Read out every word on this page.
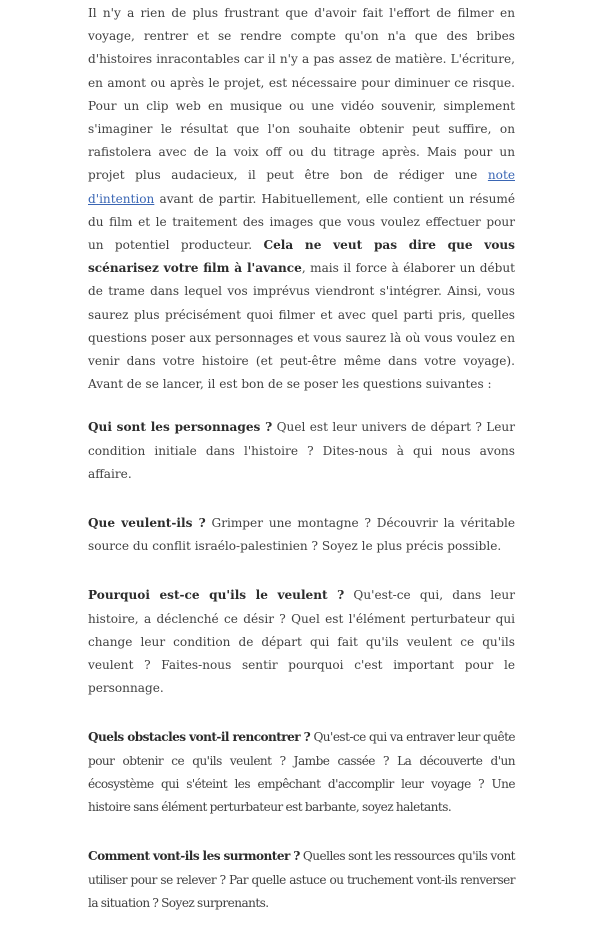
Il n'y a rien de plus frustrant que d'avoir fait l'effort de filmer en voyage, rentrer et se rendre compte qu'on n'a que des bribes d'histoires inracontables car il n'y a pas assez de matière. L'écriture, en amont ou après le projet, est nécessaire pour diminuer ce risque. Pour un clip web en musique ou une vidéo souvenir, simplement s'imaginer le résultat que l'on souhaite obtenir peut suffire, on rafistolera avec de la voix off ou du titrage après. Mais pour un projet plus audacieux, il peut être bon de rédiger une note d'intention avant de partir. Habituellement, elle contient un résumé du film et le traitement des images que vous voulez effectuer pour un potentiel producteur. Cela ne veut pas dire que vous scénarisez votre film à l'avance, mais il force à élaborer un début de trame dans lequel vos imprévus viendront s'intégrer. Ainsi, vous saurez plus précisément quoi filmer et avec quel parti pris, quelles questions poser aux personnages et vous saurez là où vous voulez en venir dans votre histoire (et peut-être même dans votre voyage). Avant de se lancer, il est bon de se poser les questions suivantes :

Qui sont les personnages ? Quel est leur univers de départ ? Leur condition initiale dans l'histoire ? Dites-nous à qui nous avons affaire.

Que veulent-ils ? Grimper une montagne ? Découvrir la véritable source du conflit israélo-palestinien ? Soyez le plus précis possible.

Pourquoi est-ce qu'ils le veulent ? Qu'est-ce qui, dans leur histoire, a déclenché ce désir ? Quel est l'élément perturbateur qui change leur condition de départ qui fait qu'ils veulent ce qu'ils veulent ? Faites-nous sentir pourquoi c'est important pour le personnage.

Quels obstacles vont-il rencontrer ? Qu'est-ce qui va entraver leur quête pour obtenir ce qu'ils veulent ? Jambe cassée ? La découverte d'un écosystème qui s'éteint les empêchant d'accomplir leur voyage ? Une histoire sans élément perturbateur est barbante, soyez haletants.

Comment vont-ils les surmonter ? Quelles sont les ressources qu'ils vont utiliser pour se relever ? Par quelle astuce ou truchement vont-ils renverser la situation ? Soyez surprenants.
